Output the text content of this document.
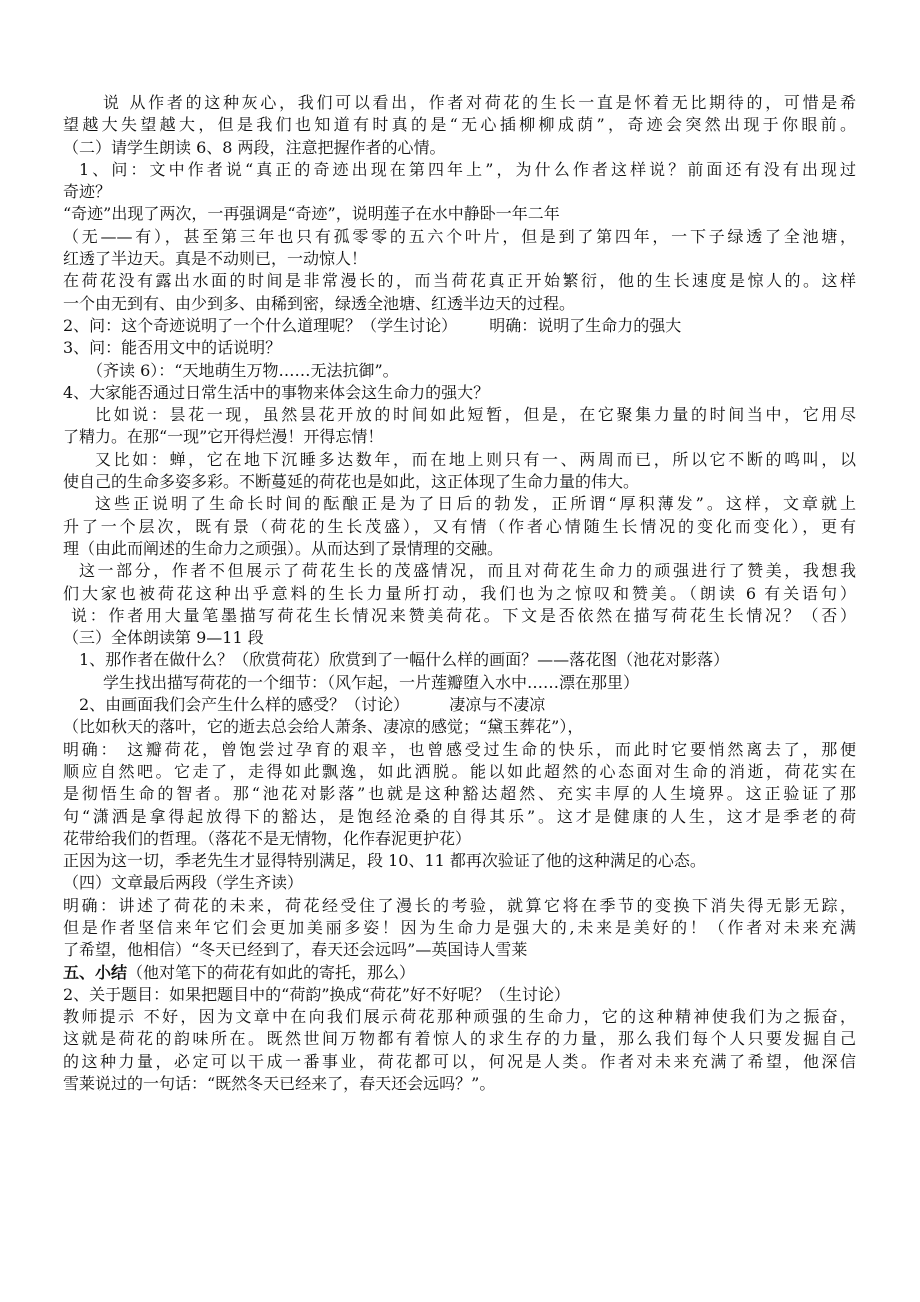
说 从作者的这种灰心，我们可以看出，作者对荷花的生长一直是怀着无比期待的，可惜是希
望越大失望越大，但是我们也知道有时真的是“无心插柳柳成荫”，奇迹会突然出现于你眼前。
（二）请学生朗读 6、8 两段，注意把握作者的心情。
1、问：文中作者说“真正的奇迹出现在第四年上”，为什么作者这样说？前面还有没有出现过
奇迹？
“奇迹”出现了两次，一再强调是“奇迹”，说明莲子在水中静卧一年二年
（无——有），甚至第三年也只有孤零零的五六个叶片，但是到了第四年，一下子绿透了全池塘，
红透了半边天。真是不动则已，一动惊人！
在荷花没有露出水面的时间是非常漫长的，而当荷花真正开始繁衍，他的生长速度是惊人的。这样
一个由无到有、由少到多、由稀到密，绿透全池塘、红透半边天的过程。
2、问：这个奇迹说明了一个什么道理呢？（学生讨论） 明确：说明了生命力的强大
3、问：能否用文中的话说明？
（齐读 6）：“天地萌生万物……无法抗御”。
4、大家能否通过日常生活中的事物来体会这生命力的强大？
比如说：昙花一现，虽然昙花开放的时间如此短暂，但是，在它聚集力量的时间当中，它用尽
了精力。在那“一现”它开得烂漫！开得忘情！
又比如：蝉，它在地下沉睡多达数年，而在地上则只有一、两周而已，所以它不断的鸣叫，以
使自己的生命多姿多彩。不断蔓延的荷花也是如此，这正体现了生命力量的伟大。
这些正说明了生命长时间的酝酿正是为了日后的勃发，正所谓“厚积薄发”。这样，文章就上
升了一个层次，既有景（荷花的生长茂盛），又有情（作者心情随生长情况的变化而变化），更有
理（由此而阐述的生命力之顽强）。从而达到了景情理的交融。
这一部分，作者不但展示了荷花生长的茂盛情况，而且对荷花生命力的顽强进行了赞美，我想我
们大家也被荷花这种出乎意料的生长力量所打动，我们也为之惊叹和赞美。（朗读 6 有关语句）
说：作者用大量笔墨描写荷花生长情况来赞美荷花。下文是否依然在描写荷花生长情况？（否）
（三）全体朗读第 9—11 段
1、那作者在做什么？（欣赏荷花）欣赏到了一幅什么样的画面？——落花图（池花对影落）
学生找出描写荷花的一个细节：（风乍起，一片莲瓣堕入水中……漂在那里）
2、由画面我们会产生什么样的感受？（讨论）	凄凉与不凄凉
（比如秋天的落叶，它的逝去总会给人萧条、凄凉的感觉；“黛玉葬花”），
明确： 这瓣荷花，曾饱尝过孕育的艰辛，也曾感受过生命的快乐，而此时它要悄然离去了，那便
顺应自然吧。它走了，走得如此飘逸，如此洒脱。能以如此超然的心态面对生命的消逝，荷花实在
是彻悟生命的智者。那“池花对影落”也就是这种豁达超然、充实丰厚的人生境界。这正验证了那
句“潇洒是拿得起放得下的豁达，是饱经沧桑的自得其乐”。这才是健康的人生，这才是季老的荷
花带给我们的哲理。（落花不是无情物，化作春泥更护花）
正因为这一切，季老先生才显得特别满足，段 10、11 都再次验证了他的这种满足的心态。
（四）文章最后两段（学生齐读）
明确：讲述了荷花的未来，荷花经受住了漫长的考验，就算它将在季节的变换下消失得无影无踪，
但是作者坚信来年它们会更加美丽多姿！因为生命力是强大的,未来是美好的！（作者对未来充满
了希望，他相信）“冬天已经到了，春天还会远吗”—英国诗人雪莱
五、小结（他对笔下的荷花有如此的寄托，那么）
2、关于题目：如果把题目中的“荷韵”换成“荷花”好不好呢？（生讨论）
教师提示 不好，因为文章中在向我们展示荷花那种顽强的生命力，它的这种精神使我们为之振奋，
这就是荷花的韵味所在。既然世间万物都有着惊人的求生存的力量，那么我们每个人只要发掘自己
的这种力量，必定可以干成一番事业，荷花都可以，何况是人类。作者对未来充满了希望，他深信
雪莱说过的一句话：“既然冬天已经来了，春天还会远吗？”。
